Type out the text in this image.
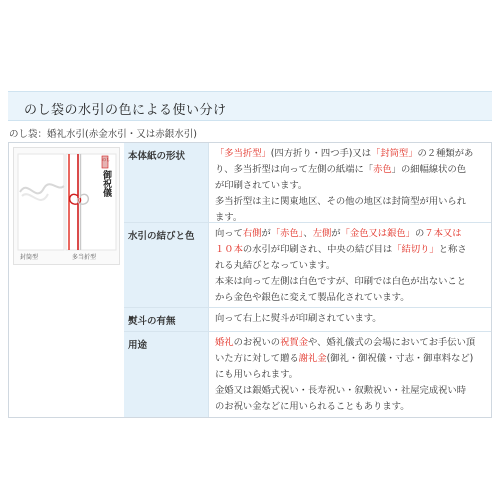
のし袋の水引の色による使い分け
のし袋：婚礼水引(赤金水引・又は赤銀水引)
御祝儀
のし
封筒型	多当折型
本体紙の形状	「多当折型」(四方折り・四つ手)又は「封筒型」の２種類があ
り、多当折型は向って左側の紙端に「赤色」の細幅線状の色
が印刷されています。
多当折型は主に関東地区、その他の地区は封筒型が用いられ
ます。
水引の結びと色	向って右側が「赤色」、左側が「金色又は銀色」の７本又は
１０本の水引が印刷され、中央の結び目は「結切り」と称さ
れる丸結びとなっています。
本来は向って左側は白色ですが、印刷では白色が出ないこと
から金色や銀色に変えて製品化されています。
熨斗の有無	向って右上に熨斗が印刷されています。
用途	婚礼のお祝いの祝賀金や、婚礼儀式の会場においてお手伝い頂
いた方に対して贈る謝礼金(御礼・御祝儀・寸志・御車料など)
にも用いられます。
金婚又は銀婚式祝い・長寿祝い・叙勲祝い・社屋完成祝い時
のお祝い金などに用いられることもあります。
